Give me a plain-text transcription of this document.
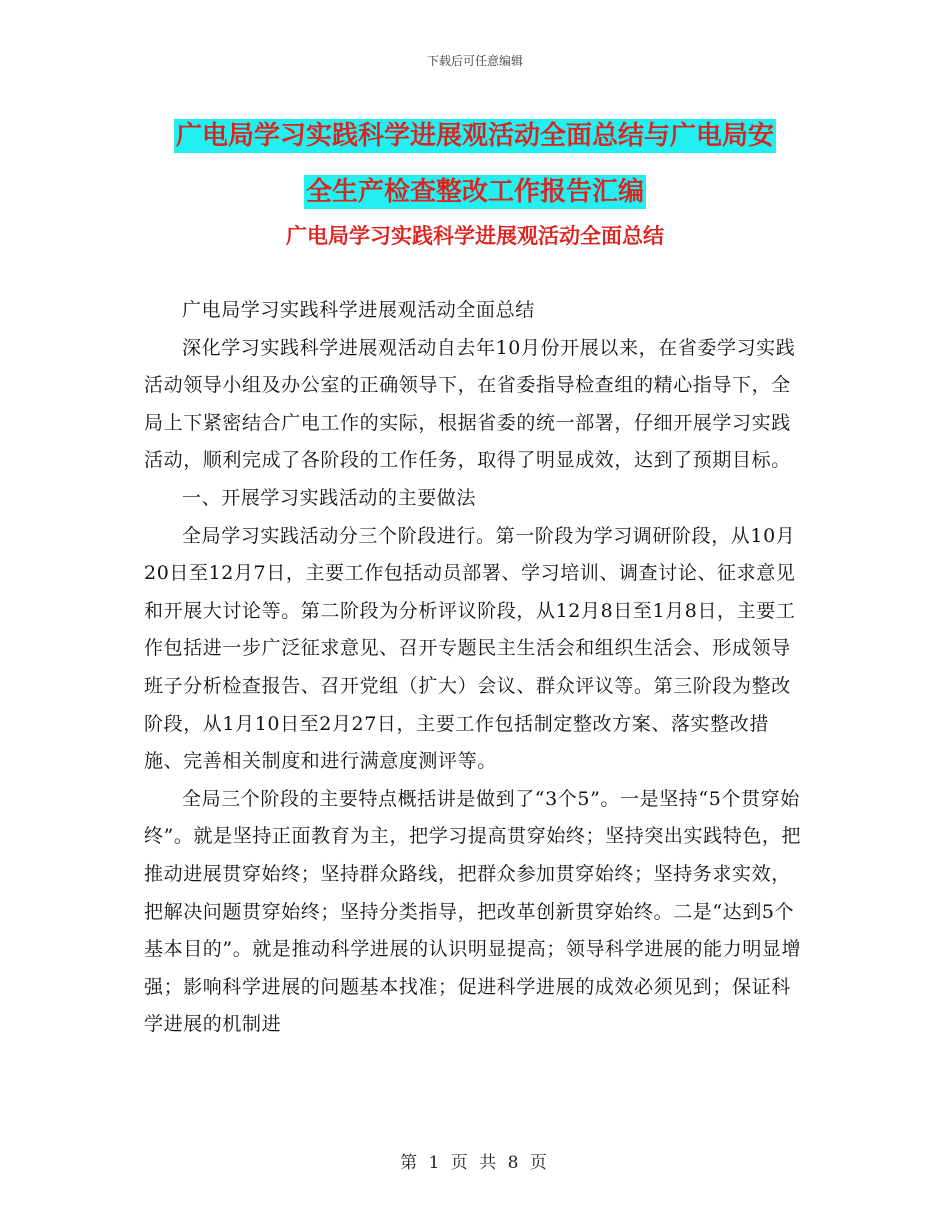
下载后可任意编辑
广电局学习实践科学进展观活动全面总结与广电局安
全生产检查整改工作报告汇编
广电局学习实践科学进展观活动全面总结

广电局学习实践科学进展观活动全面总结

深化学习实践科学进展观活动自去年10月份开展以来，在省委学习实践活动领导小组及办公室的正确领导下，在省委指导检查组的精心指导下，全局上下紧密结合广电工作的实际，根据省委的统一部署，仔细开展学习实践活动，顺利完成了各阶段的工作任务，取得了明显成效，达到了预期目标。

一、开展学习实践活动的主要做法

全局学习实践活动分三个阶段进行。第一阶段为学习调研阶段，从10月20日至12月7日，主要工作包括动员部署、学习培训、调查讨论、征求意见和开展大讨论等。第二阶段为分析评议阶段，从12月8日至1月8日，主要工作包括进一步广泛征求意见、召开专题民主生活会和组织生活会、形成领导班子分析检查报告、召开党组（扩大）会议、群众评议等。第三阶段为整改阶段，从1月10日至2月27日，主要工作包括制定整改方案、落实整改措施、完善相关制度和进行满意度测评等。

全局三个阶段的主要特点概括讲是做到了“3个5”。一是坚持“5个贯穿始终”。就是坚持正面教育为主，把学习提高贯穿始终；坚持突出实践特色，把推动进展贯穿始终；坚持群众路线，把群众参加贯穿始终；坚持务求实效，把解决问题贯穿始终；坚持分类指导，把改革创新贯穿始终。二是“达到5个基本目的”。就是推动科学进展的认识明显提高；领导科学进展的能力明显增强；影响科学进展的问题基本找准；促进科学进展的成效必须见到；保证科学进展的机制进

第 1 页 共 8 页
